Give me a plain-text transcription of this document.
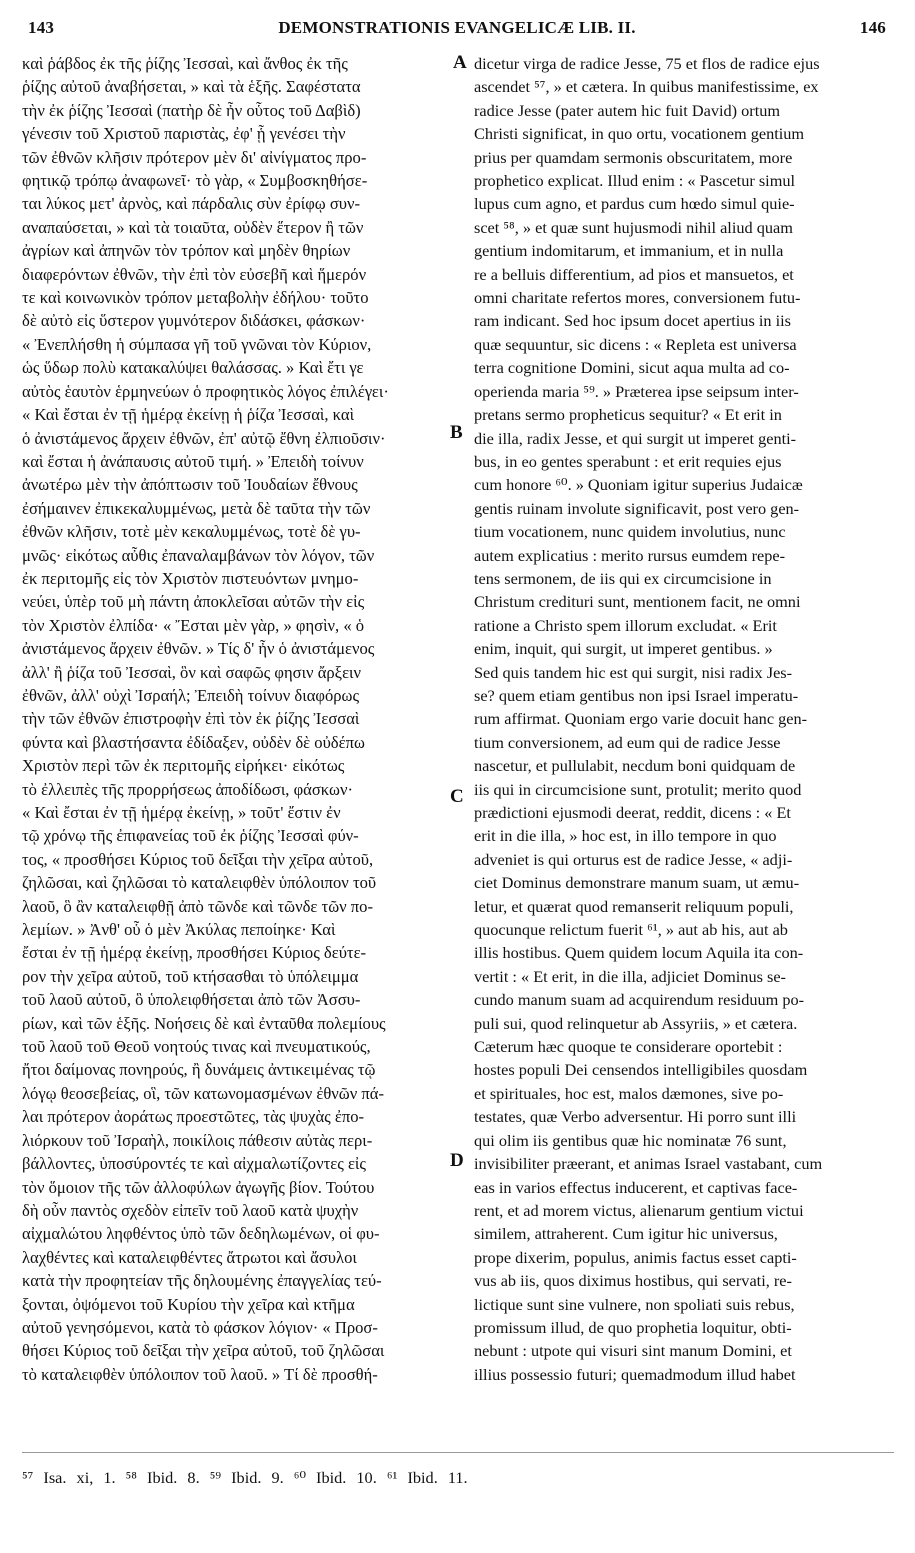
143	DEMONSTRATIONIS EVANGELICÆ LIB. II.	146
καὶ ῥάβδος ἐκ τῆς ῥίζης Ἰεσσαὶ, καὶ ἄνθος ἐκ τῆς
ῥίζης αὐτοῦ ἀναβήσεται, » καὶ τὰ ἑξῆς. Σαφέστατα
τὴν ἐκ ῥίζης Ἰεσσαὶ (πατὴρ δὲ ἦν οὗτος τοῦ Δαβὶδ)
γένεσιν τοῦ Χριστοῦ παριστὰς, ἐφ' ᾗ γενέσει τὴν
τῶν ἐθνῶν κλῆσιν πρότερον μὲν δι' αἰνίγματος προ-
φητικῷ τρόπῳ ἀναφωνεῖ· τὸ γὰρ, « Συμβοσκηθήσε-
ται λύκος μετ' ἀρνὸς, καὶ πάρδαλις σὺν ἐρίφῳ συν-
αναπαύσεται, » καὶ τὰ τοιαῦτα, οὐδὲν ἕτερον ἢ τῶν
ἀγρίων καὶ ἀπηνῶν τὸν τρόπον καὶ μηδὲν θηρίων
διαφερόντων ἐθνῶν, τὴν ἐπὶ τὸν εὐσεβῆ καὶ ἥμερόν
τε καὶ κοινωνικὸν τρόπον μεταβολὴν ἐδήλου· τοῦτο
δὲ αὐτὸ εἰς ὕστερον γυμνότερον διδάσκει, φάσκων·
« Ἐνεπλήσθη ἡ σύμπασα γῆ τοῦ γνῶναι τὸν Κύριον,
ὡς ὕδωρ πολὺ κατακαλύψει θαλάσσας. » Καὶ ἔτι γε
αὐτὸς ἑαυτὸν ἑρμηνεύων ὁ προφητικὸς λόγος ἐπιλέγει·
« Καὶ ἔσται ἐν τῇ ἡμέρᾳ ἐκείνῃ ἡ ῥίζα Ἰεσσαὶ, καὶ
ὁ ἀνιστάμενος ἄρχειν ἐθνῶν, ἐπ' αὐτῷ ἔθνη ἐλπιοῦσιν·
καὶ ἔσται ἡ ἀνάπαυσις αὐτοῦ τιμή. » Ἐπειδὴ τοίνυν
ἀνωτέρω μὲν τὴν ἀπόπτωσιν τοῦ Ἰουδαίων ἔθνους
ἐσήμαινεν ἐπικεκαλυμμένως, μετὰ δὲ ταῦτα τὴν τῶν
ἐθνῶν κλῆσιν, τοτὲ μὲν κεκαλυμμένως, τοτὲ δὲ γυ-
μνῶς· εἰκότως αὖθις ἐπαναλαμβάνων τὸν λόγον, τῶν
ἐκ περιτομῆς εἰς τὸν Χριστὸν πιστευόντων μνημο-
νεύει, ὑπὲρ τοῦ μὴ πάντη ἀποκλεῖσαι αὐτῶν τὴν εἰς
τὸν Χριστὸν ἐλπίδα· « Ἔσται μὲν γὰρ, » φησὶν, « ὁ
ἀνιστάμενος ἄρχειν ἐθνῶν. » Τίς δ' ἦν ὁ ἀνιστάμενος
ἀλλ' ἢ ῥίζα τοῦ Ἰεσσαὶ, ὃν καὶ σαφῶς φησιν ἄρξειν
ἐθνῶν, ἀλλ' οὐχὶ Ἰσραήλ; Ἐπειδὴ τοίνυν διαφόρως
τὴν τῶν ἐθνῶν ἐπιστροφὴν ἐπὶ τὸν ἐκ ῥίζης Ἰεσσαὶ
φύντα καὶ βλαστήσαντα ἐδίδαξεν, οὐδὲν δὲ οὐδέπω
Χριστὸν περὶ τῶν ἐκ περιτομῆς εἰρήκει· εἰκότως
τὸ ἐλλειπὲς τῆς προρρήσεως ἀποδίδωσι, φάσκων·
« Καὶ ἔσται ἐν τῇ ἡμέρᾳ ἐκείνῃ, » τοῦτ' ἔστιν ἐν
τῷ χρόνῳ τῆς ἐπιφανείας τοῦ ἐκ ῥίζης Ἰεσσαὶ φύν-
τος, « προσθήσει Κύριος τοῦ δεῖξαι τὴν χεῖρα αὐτοῦ,
ζηλῶσαι, καὶ ζηλῶσαι τὸ καταλειφθὲν ὑπόλοιπον τοῦ
λαοῦ, ὃ ἂν καταλειφθῇ ἀπὸ τῶνδε καὶ τῶνδε τῶν πο-
λεμίων. » Ἀνθ' οὗ ὁ μὲν Ἀκύλας πεποίηκε· Καὶ
ἔσται ἐν τῇ ἡμέρᾳ ἐκείνῃ, προσθήσει Κύριος δεύτε-
ρον τὴν χεῖρα αὐτοῦ, τοῦ κτήσασθαι τὸ ὑπόλειμμα
τοῦ λαοῦ αὐτοῦ, ὃ ὑπολειφθήσεται ἀπὸ τῶν Ἀσσυ-
ρίων, καὶ τῶν ἑξῆς. Νοήσεις δὲ καὶ ἐνταῦθα πολεμίους
τοῦ λαοῦ τοῦ Θεοῦ νοητούς τινας καὶ πνευματικούς,
ἤτοι δαίμονας πονηρούς, ἢ δυνάμεις ἀντικειμένας τῷ
λόγῳ θεοσεβείας, οἳ, τῶν κατωνομασμένων ἐθνῶν πά-
λαι πρότερον ἀοράτως προεστῶτες, τὰς ψυχὰς ἐπο-
λιόρκουν τοῦ Ἰσραὴλ, ποικίλοις πάθεσιν αὐτὰς περι-
βάλλοντες, ὑποσύροντές τε καὶ αἰχμαλωτίζοντες εἰς
τὸν ὅμοιον τῆς τῶν ἀλλοφύλων ἀγωγῆς βίον. Τούτου
δὴ οὖν παντὸς σχεδὸν εἰπεῖν τοῦ λαοῦ κατὰ ψυχὴν
αἰχμαλώτου ληφθέντος ὑπὸ τῶν δεδηλωμένων, οἱ φυ-
λαχθέντες καὶ καταλειφθέντες ἄτρωτοι καὶ ἄσυλοι
κατὰ τὴν προφητείαν τῆς δηλουμένης ἐπαγγελίας τεύ-
ξονται, ὀψόμενοι τοῦ Κυρίου τὴν χεῖρα καὶ κτῆμα
αὐτοῦ γενησόμενοι, κατὰ τὸ φάσκον λόγιον· « Προσ-
θήσει Κύριος τοῦ δεῖξαι τὴν χεῖρα αὐτοῦ, τοῦ ζηλῶσαι
τὸ καταλειφθὲν ὑπόλοιπον τοῦ λαοῦ. » Τί δὲ προσθή-
dicetur virga de radice Jesse, 75 et flos de radice ejus
ascendet ⁵⁷, » et cætera. In quibus manifestissime, ex
radice Jesse (pater autem hic fuit David) ortum
Christi significat, in quo ortu, vocationem gentium
prius per quamdam sermonis obscuritatem, more
prophetico explicat. Illud enim : « Pascetur simul
lupus cum agno, et pardus cum hœdo simul quie-
scet ⁵⁸, » et quæ sunt hujusmodi nihil aliud quam
gentium indomitarum, et immanium, et in nulla
re a belluis differentium, ad pios et mansuetos, et
omni charitate refertos mores, conversionem futu-
ram indicant. Sed hoc ipsum docet apertius in iis
quæ sequuntur, sic dicens : « Repleta est universa
terra cognitione Domini, sicut aqua multa ad co-
operienda maria ⁵⁹. » Præterea ipse seipsum inter-
pretans sermo propheticus sequitur? « Et erit in
die illa, radix Jesse, et qui surgit ut imperet genti-
bus, in eo gentes sperabunt : et erit requies ejus
cum honore ⁶⁰. » Quoniam igitur superius Judaicæ
gentis ruinam involute significavit, post vero gen-
tium vocationem, nunc quidem involutius, nunc
autem explicatius : merito rursus eumdem repe-
tens sermonem, de iis qui ex circumcisione in
Christum credituri sunt, mentionem facit, ne omni
ratione a Christo spem illorum excludat. « Erit
enim, inquit, qui surgit, ut imperet gentibus. »
Sed quis tandem hic est qui surgit, nisi radix Jes-
se? quem etiam gentibus non ipsi Israel imperatu-
rum affirmat. Quoniam ergo varie docuit hanc gen-
tium conversionem, ad eum qui de radice Jesse
nascetur, et pullulabit, necdum boni quidquam de
iis qui in circumcisione sunt, protulit; merito quod
prædictioni ejusmodi deerat, reddit, dicens : « Et
erit in die illa, » hoc est, in illo tempore in quo
adveniet is qui orturus est de radice Jesse, « adji-
ciet Dominus demonstrare manum suam, ut æmu-
letur, et quærat quod remanserit reliquum populi,
quocunque relictum fuerit ⁶¹, » aut ab his, aut ab
illis hostibus. Quem quidem locum Aquila ita con-
vertit : « Et erit, in die illa, adjiciet Dominus se-
cundo manum suam ad acquirendum residuum po-
puli sui, quod relinquetur ab Assyriis, » et cætera.
Cæterum hæc quoque te considerare oportebit :
hostes populi Dei censendos intelligibiles quosdam
et spirituales, hoc est, malos dæmones, sive po-
testates, quæ Verbo adversentur. Hi porro sunt illi
qui olim iis gentibus quæ hic nominatæ 76 sunt,
invisibiliter præerant, et animas Israel vastabant, cum
eas in varios effectus inducerent, et captivas face-
rent, et ad morem victus, alienarum gentium victui
similem, attraherent. Cum igitur hic universus,
prope dixerim, populus, animis factus esset capti-
vus ab iis, quos diximus hostibus, qui servati, re-
lictique sunt sine vulnere, non spoliati suis rebus,
promissum illud, de quo prophetia loquitur, obti-
nebunt : utpote qui visuri sint manum Domini, et
illius possessio futuri; quemadmodum illud habet
A
B
C
D
⁵⁷ Isa. xi, 1. ⁵⁸ Ibid. 8. ⁵⁹ Ibid. 9. ⁶⁰ Ibid. 10. ⁶¹ Ibid. 11.
